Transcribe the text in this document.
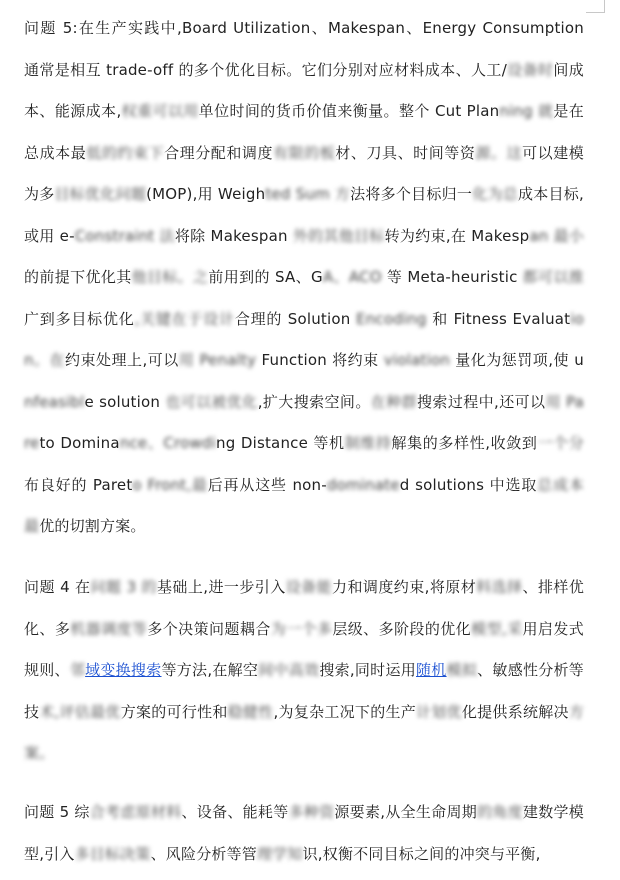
问题 5:在生产实践中,Board Utilization、Makespan、Energy Consumption 通常是相互 trade-off 的多个优化目标。它们分别对应材料成本、人工/设备时间成本、能源成本,权重可以用单位时间的货币价值来衡量。整个 Cut Planning 就是在总成本最低的约束下合理分配和调度有限的板材、刀具、时间等资源。这可以建模为多目标优化问题(MOP),用 Weighted Sum 方法将多个目标归一化为总成本目标,或用 e-Constraint 法将除 Makespan 外的其他目标转为约束,在 Makespan 最小的前提下优化其他目标。之前用到的 SA、GA、ACO 等 Meta-heuristic 都可以推广到多目标优化,关键在于设计合理的 Solution Encoding 和 Fitness Evaluation。在约束处理上,可以用 Penalty Function 将约束 violation 量化为惩罚项,使 unfeasible solution 也可以被优化,扩大搜索空间。在种群搜索过程中,还可以用 Pareto Dominance、Crowding Distance 等机制维持解集的多样性,收敛到一个分布良好的 Pareto Front,最后再从这些 non-dominated solutions 中选取总成本最优的切割方案。

问题 4 在问题 3 的基础上,进一步引入设备能力和调度约束,将原材料选择、排样优化、多机器调度等多个决策问题耦合为一个多层级、多阶段的优化模型,采用启发式规则、邻域变换搜索等方法,在解空间中高效搜索,同时运用随机模拟、敏感性分析等技术,评估最优方案的可行性和稳健性,为复杂工况下的生产计划优化提供系统解决方案。

问题 5 综合考虑原材料、设备、能耗等多种资源要素,从全生命周期的角度建数学模型,引入多目标决策、风险分析等管理学知识,权衡不同目标之间的冲突与平衡,
